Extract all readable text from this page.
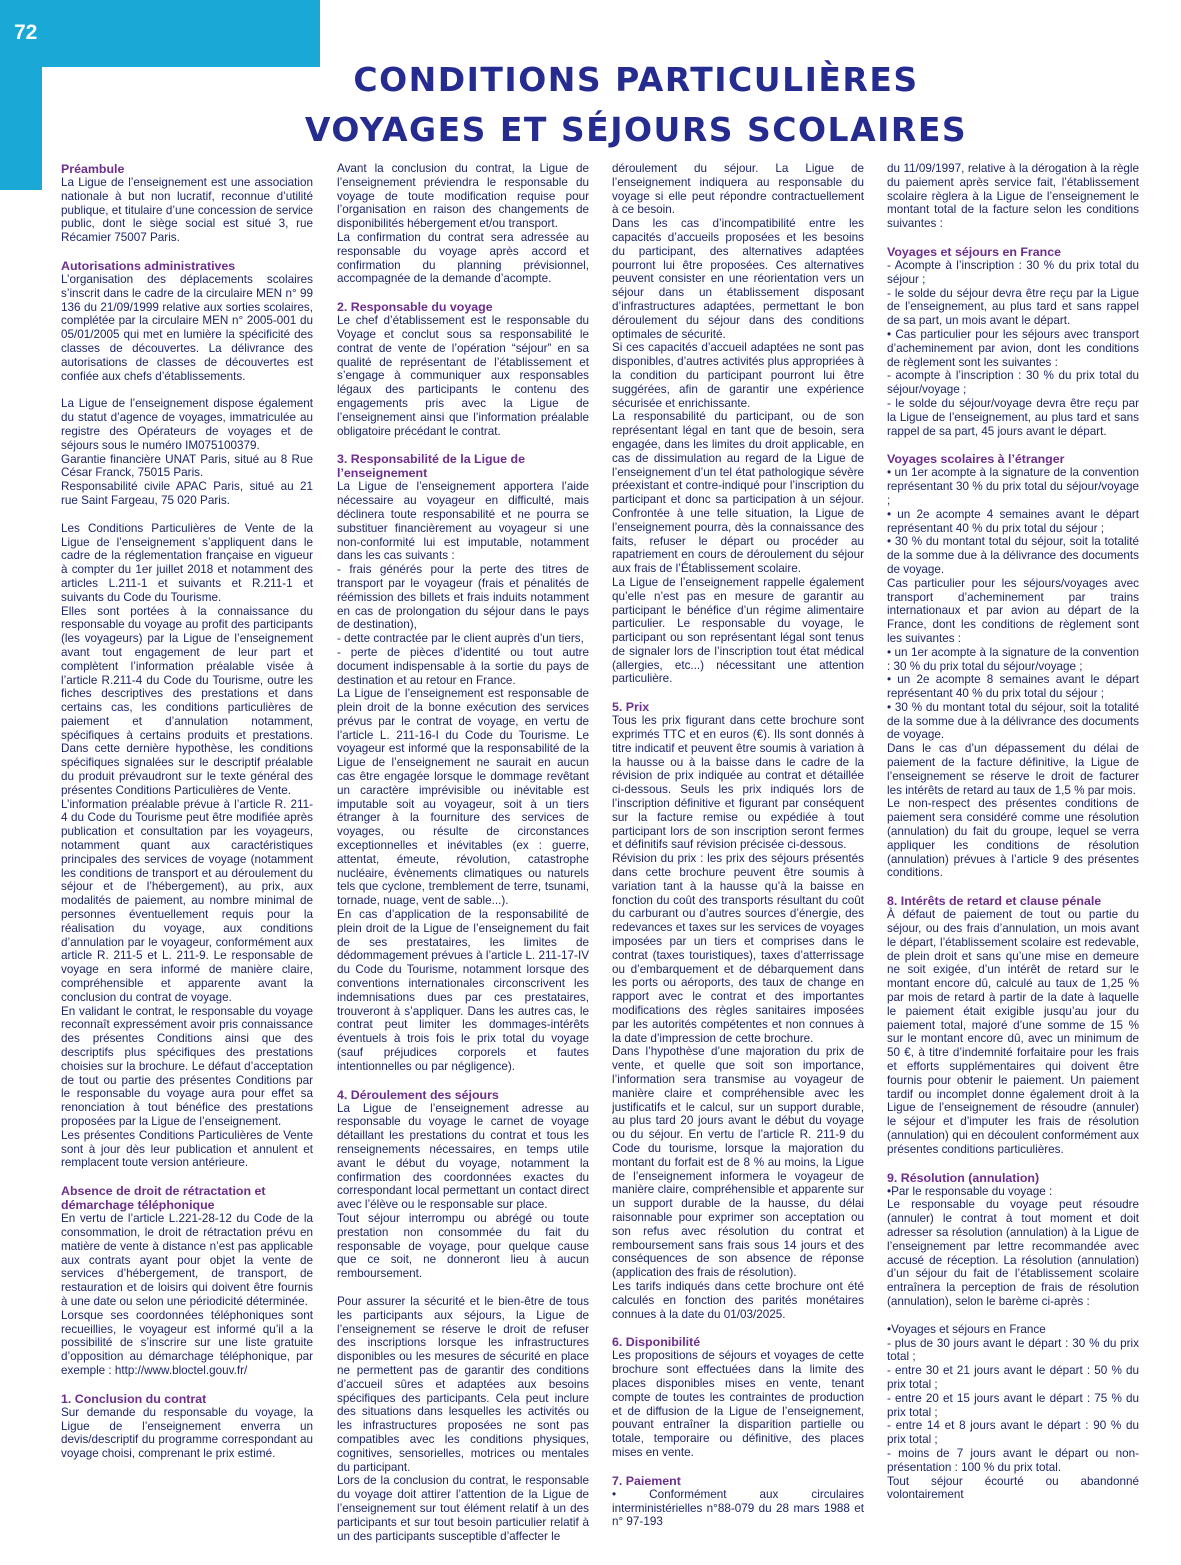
72
CONDITIONS PARTICULIÈRES
VOYAGES ET SÉJOURS SCOLAIRES
Préambule

La Ligue de l’enseignement est une association nationale à but non lucratif, reconnue d’utilité publique, et titulaire d’une concession de service public, dont le siège social est situé 3, rue Récamier 75007 Paris.

Autorisations administratives

L’organisation des déplacements scolaires s’inscrit dans le cadre de la circulaire MEN n° 99 136 du 21/09/1999 relative aux sorties scolaires, complétée par la circulaire MEN n° 2005-001 du 05/01/2005 qui met en lumière la spécificité des classes de découvertes. La délivrance des autorisations de classes de découvertes est confiée aux chefs d’établissements.

La Ligue de l’enseignement dispose également du statut d’agence de voyages, immatriculée au registre des Opérateurs de voyages et de séjours sous le numéro IM075100379.

Garantie financière UNAT Paris, situé au 8 Rue César Franck, 75015 Paris.

Responsabilité civile APAC Paris, situé au 21 rue Saint Fargeau, 75 020 Paris.

Les Conditions Particulières de Vente de la Ligue de l’enseignement s’appliquent dans le cadre de la réglementation française en vigueur à compter du 1er juillet 2018 et notamment des articles L.211-1 et suivants et R.211-1 et suivants du Code du Tourisme.

Elles sont portées à la connaissance du responsable du voyage au profit des participants (les voyageurs) par la Ligue de l’enseignement avant tout engagement de leur part et complètent l’information préalable visée à l’article R.211-4 du Code du Tourisme, outre les fiches descriptives des prestations et dans certains cas, les conditions particulières de paiement et d’annulation notamment, spécifiques à certains produits et prestations. Dans cette dernière hypothèse, les conditions spécifiques signalées sur le descriptif préalable du produit prévaudront sur le texte général des présentes Conditions Particulières de Vente.

L’information préalable prévue à l’article R. 211-4 du Code du Tourisme peut être modifiée après publication et consultation par les voyageurs, notamment quant aux caractéristiques principales des services de voyage (notamment les conditions de transport et au déroulement du séjour et de l’hébergement), au prix, aux modalités de paiement, au nombre minimal de personnes éventuellement requis pour la réalisation du voyage, aux conditions d’annulation par le voyageur, conformément aux article R. 211-5 et L. 211-9. Le responsable de voyage en sera informé de manière claire, compréhensible et apparente avant la conclusion du contrat de voyage.

En validant le contrat, le responsable du voyage reconnaît expressément avoir pris connaissance des présentes Conditions ainsi que des descriptifs plus spécifiques des prestations choisies sur la brochure. Le défaut d’acceptation de tout ou partie des présentes Conditions par le responsable du voyage aura pour effet sa renonciation à tout bénéfice des prestations proposées par la Ligue de l’enseignement.

Les présentes Conditions Particulières de Vente sont à jour dès leur publication et annulent et remplacent toute version antérieure.

Absence de droit de rétractation et démarchage téléphonique

En vertu de l’article L.221-28-12 du Code de la consommation, le droit de rétractation prévu en matière de vente à distance n’est pas applicable aux contrats ayant pour objet la vente de services d’hébergement, de transport, de restauration et de loisirs qui doivent être fournis à une date ou selon une périodicité déterminée.

Lorsque ses coordonnées téléphoniques sont recueillies, le voyageur est informé qu’il a la possibilité de s’inscrire sur une liste gratuite d’opposition au démarchage téléphonique, par exemple : http://www.bloctel.gouv.fr/

1. Conclusion du contrat

Sur demande du responsable du voyage, la Ligue de l’enseignement enverra un devis/descriptif du programme correspondant au voyage choisi, comprenant le prix estimé.

Avant la conclusion du contrat, la Ligue de l’enseignement préviendra le responsable du voyage de toute modification requise pour l’organisation en raison des changements de disponibilités hébergement et/ou transport.

La confirmation du contrat sera adressée au responsable du voyage après accord et confirmation du planning prévisionnel, accompagnée de la demande d’acompte.

2. Responsable du voyage

Le chef d’établissement est le responsable du Voyage et conclut sous sa responsabilité le contrat de vente de l’opération “séjour” en sa qualité de représentant de l’établissement et s’engage à communiquer aux responsables légaux des participants le contenu des engagements pris avec la Ligue de l’enseignement ainsi que l’information préalable obligatoire précédant le contrat.

3. Responsabilité de la Ligue de l’enseignement

La Ligue de l’enseignement apportera l’aide nécessaire au voyageur en difficulté, mais déclinera toute responsabilité et ne pourra se substituer financièrement au voyageur si une non-conformité lui est imputable, notamment dans les cas suivants :

- frais générés pour la perte des titres de transport par le voyageur (frais et pénalités de réémission des billets et frais induits notamment en cas de prolongation du séjour dans le pays de destination),

- dette contractée par le client auprès d’un tiers,

- perte de pièces d’identité ou tout autre document indispensable à la sortie du pays de destination et au retour en France.

La Ligue de l’enseignement est responsable de plein droit de la bonne exécution des services prévus par le contrat de voyage, en vertu de l’article L. 211-16-I du Code du Tourisme. Le voyageur est informé que la responsabilité de la Ligue de l’enseignement ne saurait en aucun cas être engagée lorsque le dommage revêtant un caractère imprévisible ou inévitable est imputable soit au voyageur, soit à un tiers étranger à la fourniture des services de voyages, ou résulte de circonstances exceptionnelles et inévitables (ex : guerre, attentat, émeute, révolution, catastrophe nucléaire, évènements climatiques ou naturels tels que cyclone, tremblement de terre, tsunami, tornade, nuage, vent de sable...).

En cas d’application de la responsabilité de plein droit de la Ligue de l’enseignement du fait de ses prestataires, les limites de dédommagement prévues à l’article L. 211-17-IV du Code du Tourisme, notamment lorsque des conventions internationales circonscrivent les indemnisations dues par ces prestataires, trouveront à s’appliquer. Dans les autres cas, le contrat peut limiter les dommages-intérêts éventuels à trois fois le prix total du voyage (sauf préjudices corporels et fautes intentionnelles ou par négligence).

4. Déroulement des séjours

La Ligue de l’enseignement adresse au responsable du voyage le carnet de voyage détaillant les prestations du contrat et tous les renseignements nécessaires, en temps utile avant le début du voyage, notamment la confirmation des coordonnées exactes du correspondant local permettant un contact direct avec l’élève ou le responsable sur place.

Tout séjour interrompu ou abrégé ou toute prestation non consommée du fait du responsable de voyage, pour quelque cause que ce soit, ne donneront lieu à aucun remboursement.

Pour assurer la sécurité et le bien-être de tous les participants aux séjours, la Ligue de l’enseignement se réserve le droit de refuser des inscriptions lorsque les infrastructures disponibles ou les mesures de sécurité en place ne permettent pas de garantir des conditions d’accueil sûres et adaptées aux besoins spécifiques des participants. Cela peut inclure des situations dans lesquelles les activités ou les infrastructures proposées ne sont pas compatibles avec les conditions physiques, cognitives, sensorielles, motrices ou mentales du participant.

Lors de la conclusion du contrat, le responsable du voyage doit attirer l’attention de la Ligue de l’enseignement sur tout élément relatif à un des participants et sur tout besoin particulier relatif à un des participants susceptible d’affecter le

déroulement du séjour. La Ligue de l’enseignement indiquera au responsable du voyage si elle peut répondre contractuellement à ce besoin.

Dans les cas d’incompatibilité entre les capacités d’accueils proposées et les besoins du participant, des alternatives adaptées pourront lui être proposées. Ces alternatives peuvent consister en une réorientation vers un séjour dans un établissement disposant d’infrastructures adaptées, permettant le bon déroulement du séjour dans des conditions optimales de sécurité.

Si ces capacités d’accueil adaptées ne sont pas disponibles, d’autres activités plus appropriées à la condition du participant pourront lui être suggérées, afin de garantir une expérience sécurisée et enrichissante.

La responsabilité du participant, ou de son représentant légal en tant que de besoin, sera engagée, dans les limites du droit applicable, en cas de dissimulation au regard de la Ligue de l’enseignement d’un tel état pathologique sévère préexistant et contre-indiqué pour l’inscription du participant et donc sa participation à un séjour. Confrontée à une telle situation, la Ligue de l’enseignement pourra, dès la connaissance des faits, refuser le départ ou procéder au rapatriement en cours de déroulement du séjour aux frais de l’Établissement scolaire.

La Ligue de l’enseignement rappelle également qu’elle n’est pas en mesure de garantir au participant le bénéfice d’un régime alimentaire particulier. Le responsable du voyage, le participant ou son représentant légal sont tenus de signaler lors de l’inscription tout état médical (allergies, etc...) nécessitant une attention particulière.

5. Prix

Tous les prix figurant dans cette brochure sont exprimés TTC et en euros (€). Ils sont donnés à titre indicatif et peuvent être soumis à variation à la hausse ou à la baisse dans le cadre de la révision de prix indiquée au contrat et détaillée ci-dessous. Seuls les prix indiqués lors de l’inscription définitive et figurant par conséquent sur la facture remise ou expédiée à tout participant lors de son inscription seront fermes et définitifs sauf révision précisée ci-dessous.

Révision du prix : les prix des séjours présentés dans cette brochure peuvent être soumis à variation tant à la hausse qu’à la baisse en fonction du coût des transports résultant du coût du carburant ou d’autres sources d’énergie, des redevances et taxes sur les services de voyages imposées par un tiers et comprises dans le contrat (taxes touristiques), taxes d’atterrissage ou d’embarquement et de débarquement dans les ports ou aéroports, des taux de change en rapport avec le contrat et des importantes modifications des règles sanitaires imposées par les autorités compétentes et non connues à la date d’impression de cette brochure.

Dans l’hypothèse d’une majoration du prix de vente, et quelle que soit son importance, l’information sera transmise au voyageur de manière claire et compréhensible avec les justificatifs et le calcul, sur un support durable, au plus tard 20 jours avant le début du voyage ou du séjour. En vertu de l’article R. 211-9 du Code du tourisme, lorsque la majoration du montant du forfait est de 8 % au moins, la Ligue de l’enseignement informera le voyageur de manière claire, compréhensible et apparente sur un support durable de la hausse, du délai raisonnable pour exprimer son acceptation ou son refus avec résolution du contrat et remboursement sans frais sous 14 jours et des conséquences de son absence de réponse (application des frais de résolution).

Les tarifs indiqués dans cette brochure ont été calculés en fonction des parités monétaires connues à la date du 01/03/2025.

6. Disponibilité

Les propositions de séjours et voyages de cette brochure sont effectuées dans la limite des places disponibles mises en vente, tenant compte de toutes les contraintes de production et de diffusion de la Ligue de l’enseignement, pouvant entraîner la disparition partielle ou totale, temporaire ou définitive, des places mises en vente.

7. Paiement

• Conformément aux circulaires interministérielles n°88-079 du 28 mars 1988 et n° 97-193

du 11/09/1997, relative à la dérogation à la règle du paiement après service fait, l’établissement scolaire règlera à la Ligue de l’enseignement le montant total de la facture selon les conditions suivantes :

Voyages et séjours en France

- Acompte à l’inscription : 30 % du prix total du séjour ;

- le solde du séjour devra être reçu par la Ligue de l’enseignement, au plus tard et sans rappel de sa part, un mois avant le départ.

• Cas particulier pour les séjours avec transport d’acheminement par avion, dont les conditions de règlement sont les suivantes :

- acompte à l’inscription : 30 % du prix total du séjour/voyage ;

- le solde du séjour/voyage devra être reçu par la Ligue de l’enseignement, au plus tard et sans rappel de sa part, 45 jours avant le départ.

Voyages scolaires à l’étranger

• un 1er acompte à la signature de la convention représentant 30 % du prix total du séjour/voyage ;

• un 2e acompte 4 semaines avant le départ représentant 40 % du prix total du séjour ;

• 30 % du montant total du séjour, soit la totalité de la somme due à la délivrance des documents de voyage.

Cas particulier pour les séjours/voyages avec transport d’acheminement par trains internationaux et par avion au départ de la France, dont les conditions de règlement sont les suivantes :

• un 1er acompte à la signature de la convention : 30 % du prix total du séjour/voyage ;

• un 2e acompte 8 semaines avant le départ représentant 40 % du prix total du séjour ;

• 30 % du montant total du séjour, soit la totalité de la somme due à la délivrance des documents de voyage.

Dans le cas d’un dépassement du délai de paiement de la facture définitive, la Ligue de l’enseignement se réserve le droit de facturer les intérêts de retard au taux de 1,5 % par mois.

Le non-respect des présentes conditions de paiement sera considéré comme une résolution (annulation) du fait du groupe, lequel se verra appliquer les conditions de résolution (annulation) prévues à l’article 9 des présentes conditions.

8. Intérêts de retard et clause pénale

À défaut de paiement de tout ou partie du séjour, ou des frais d’annulation, un mois avant le départ, l’établissement scolaire est redevable, de plein droit et sans qu’une mise en demeure ne soit exigée, d’un intérêt de retard sur le montant encore dû, calculé au taux de 1,25 % par mois de retard à partir de la date à laquelle le paiement était exigible jusqu’au jour du paiement total, majoré d’une somme de 15 % sur le montant encore dû, avec un minimum de 50 €, à titre d’indemnité forfaitaire pour les frais et efforts supplémentaires qui doivent être fournis pour obtenir le paiement. Un paiement tardif ou incomplet donne également droit à la Ligue de l’enseignement de résoudre (annuler) le séjour et d’imputer les frais de résolution (annulation) qui en découlent conformément aux présentes conditions particulières.

9. Résolution (annulation)

•Par le responsable du voyage :

Le responsable du voyage peut résoudre (annuler) le contrat à tout moment et doit adresser sa résolution (annulation) à la Ligue de l’enseignement par lettre recommandée avec accusé de réception. La résolution (annulation) d’un séjour du fait de l’établissement scolaire entraînera la perception de frais de résolution (annulation), selon le barème ci-après :

•Voyages et séjours en France

- plus de 30 jours avant le départ : 30 % du prix total ;

- entre 30 et 21 jours avant le départ : 50 % du prix total ;

- entre 20 et 15 jours avant le départ : 75 % du prix total ;

- entre 14 et 8 jours avant le départ : 90 % du prix total ;

- moins de 7 jours avant le départ ou non- présentation : 100 % du prix total.

Tout séjour écourté ou abandonné volontairement
